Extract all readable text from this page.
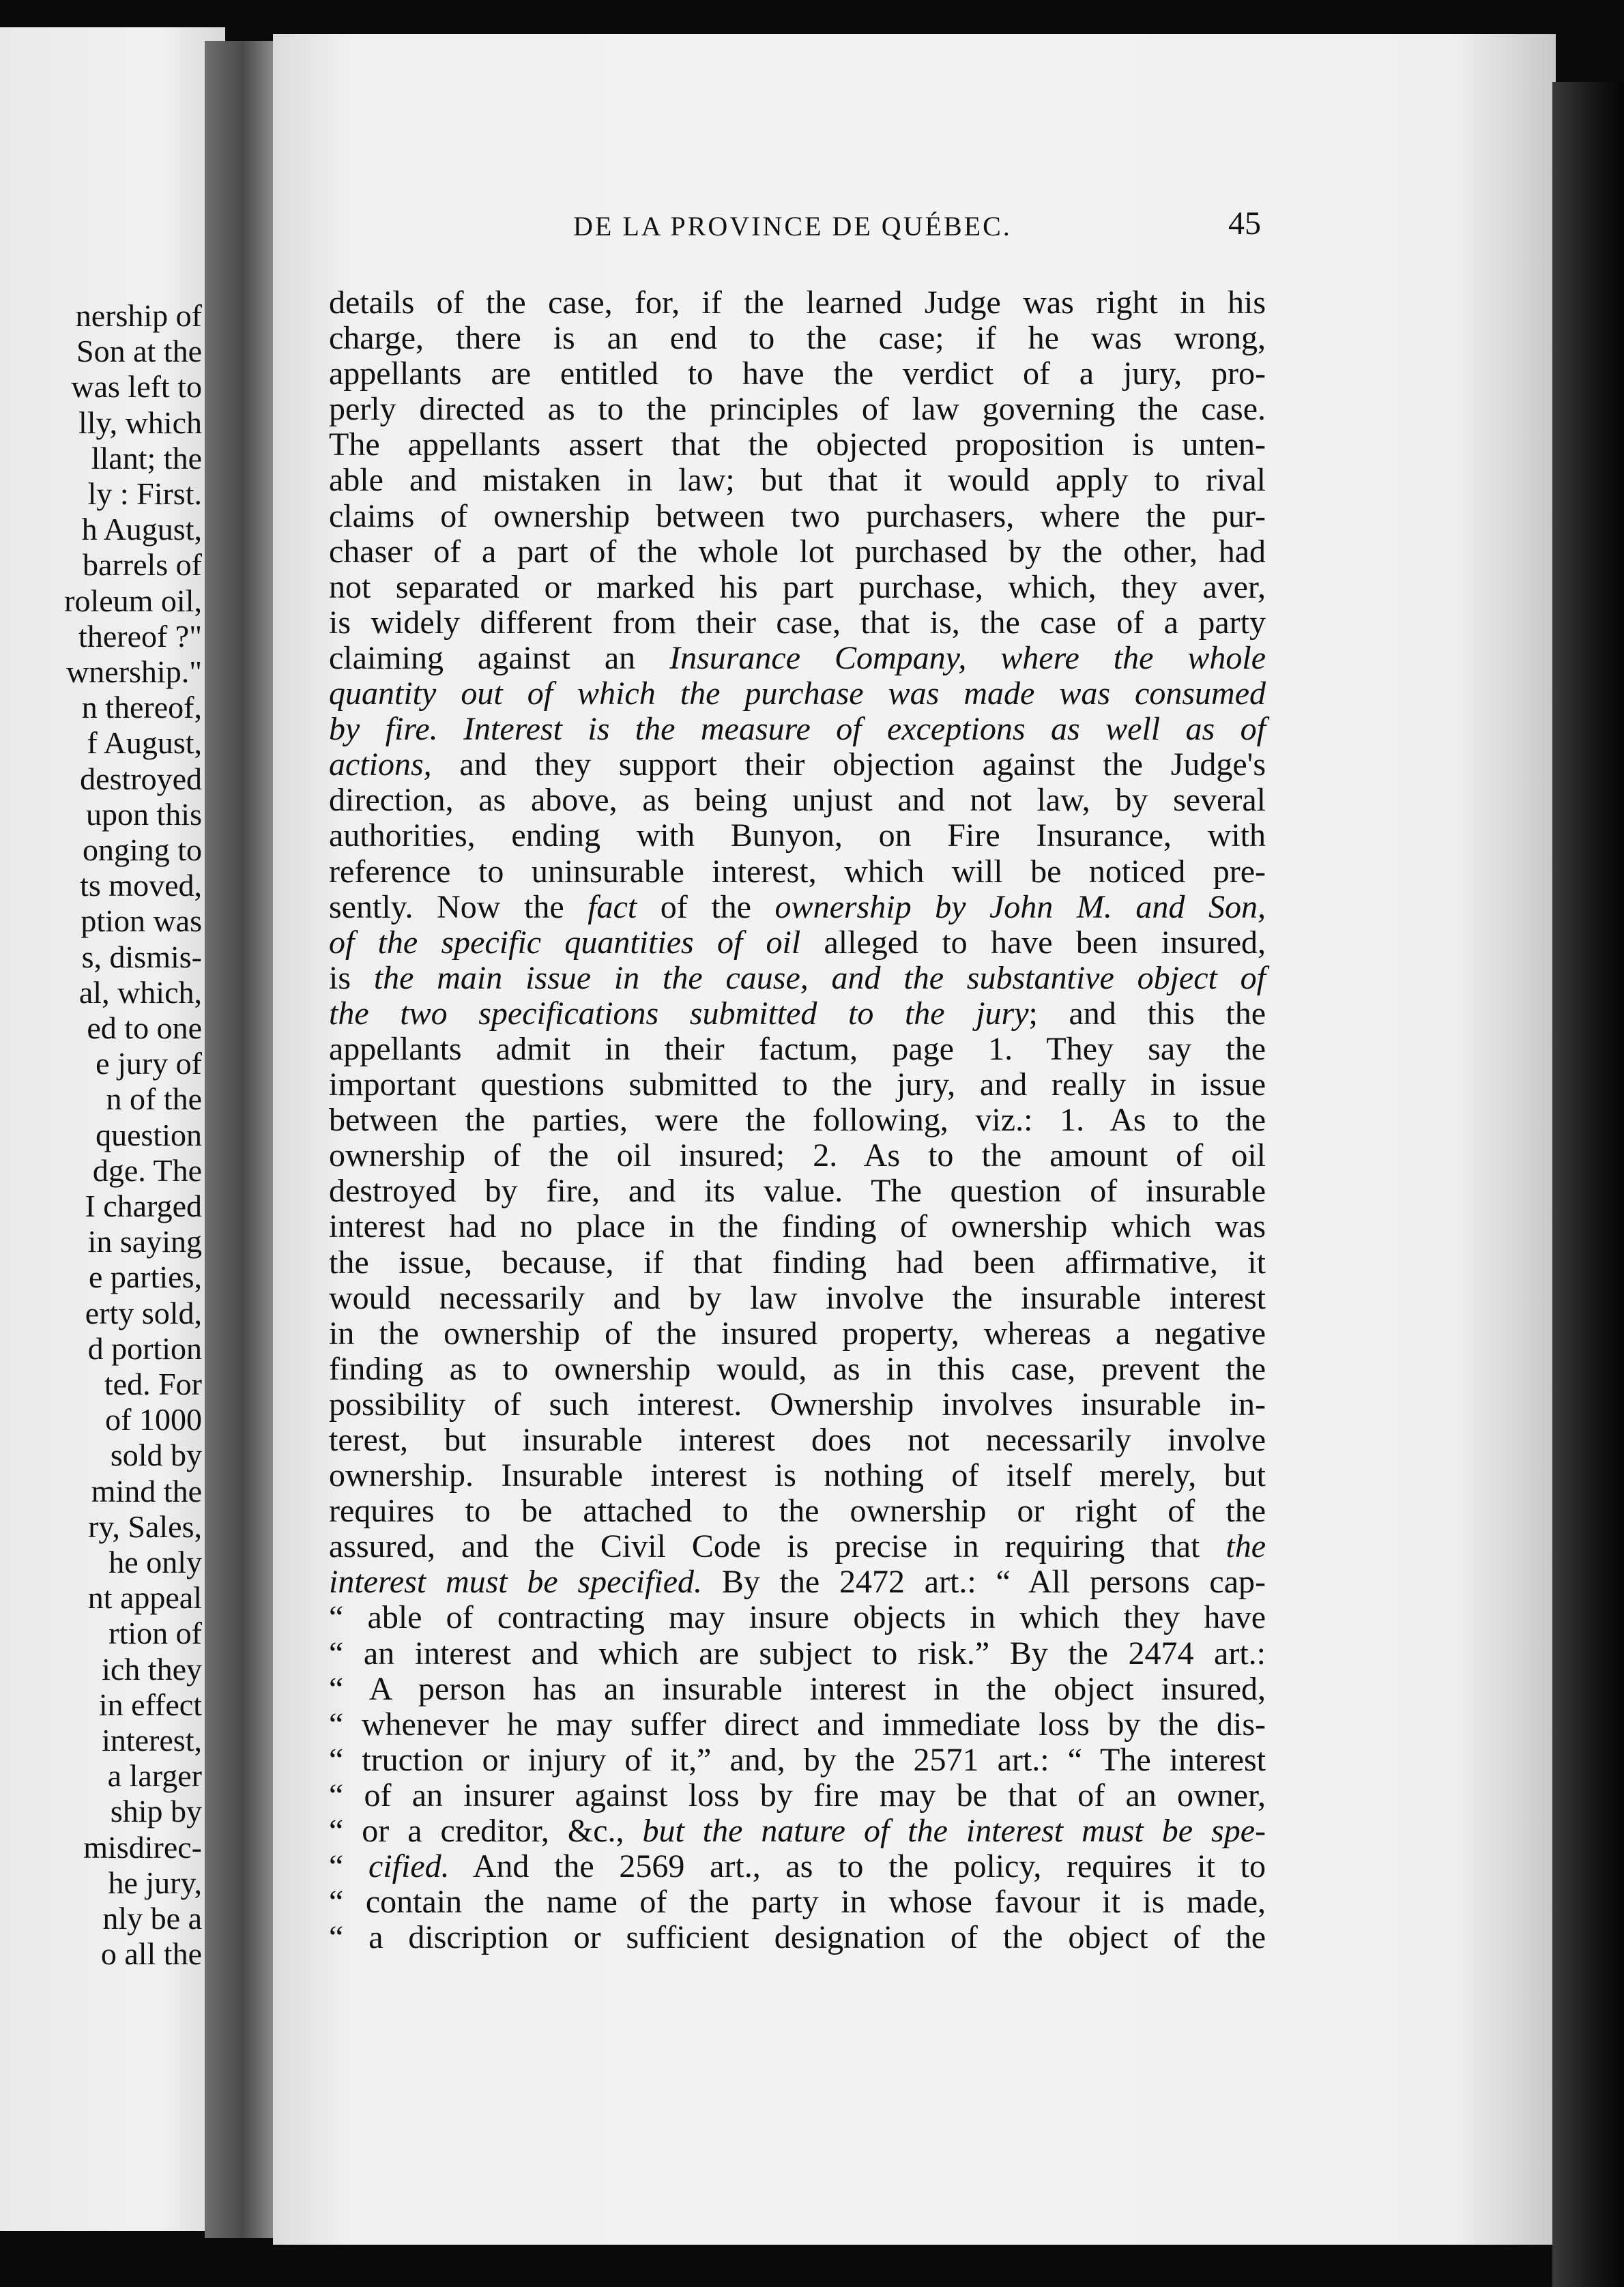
nership of
Son at the
was left to
lly, which
llant; the
ly : First.
h August,
barrels of
roleum oil,
thereof ?"
wnership."
n thereof,
f August,
destroyed
upon this
onging to
ts moved,
ption was
s, dismis-
al, which,
ed to one
e jury of
n of the
question
dge. The
I charged
in saying
e parties,
erty sold,
d portion
ted. For
of 1000
sold by
mind the
ry, Sales,
he only
nt appeal
rtion of
ich they
in effect
interest,
a larger
ship by
misdirec-
he jury,
nly be a
o all the
DE LA PROVINCE DE QUÉBEC.	45
details of the case, for, if the learned Judge was right in his
charge, there is an end to the case; if he was wrong,
appellants are entitled to have the verdict of a jury, pro-
perly directed as to the principles of law governing the case.
The appellants assert that the objected proposition is unten-
able and mistaken in law; but that it would apply to rival
claims of ownership between two purchasers, where the pur-
chaser of a part of the whole lot purchased by the other, had
not separated or marked his part purchase, which, they aver,
is widely different from their case, that is, the case of a party
claiming against an Insurance Company, where the whole
quantity out of which the purchase was made was consumed
by fire. Interest is the measure of exceptions as well as of
actions, and they support their objection against the Judge's
direction, as above, as being unjust and not law, by several
authorities, ending with Bunyon, on Fire Insurance, with
reference to uninsurable interest, which will be noticed pre-
sently. Now the fact of the ownership by John M. and Son,
of the specific quantities of oil alleged to have been insured,
is the main issue in the cause, and the substantive object of
the two specifications submitted to the jury; and this the
appellants admit in their factum, page 1. They say the
important questions submitted to the jury, and really in issue
between the parties, were the following, viz.: 1. As to the
ownership of the oil insured; 2. As to the amount of oil
destroyed by fire, and its value. The question of insurable
interest had no place in the finding of ownership which was
the issue, because, if that finding had been affirmative, it
would necessarily and by law involve the insurable interest
in the ownership of the insured property, whereas a negative
finding as to ownership would, as in this case, prevent the
possibility of such interest. Ownership involves insurable in-
terest, but insurable interest does not necessarily involve
ownership. Insurable interest is nothing of itself merely, but
requires to be attached to the ownership or right of the
assured, and the Civil Code is precise in requiring that the
interest must be specified. By the 2472 art.: “ All persons cap-
“ able of contracting may insure objects in which they have
“ an interest and which are subject to risk.” By the 2474 art.:
“ A person has an insurable interest in the object insured,
“ whenever he may suffer direct and immediate loss by the dis-
“ truction or injury of it,” and, by the 2571 art.: “ The interest
“ of an insurer against loss by fire may be that of an owner,
“ or a creditor, &c., but the nature of the interest must be spe-
“ cified. And the 2569 art., as to the policy, requires it to
“ contain the name of the party in whose favour it is made,
“ a discription or sufficient designation of the object of the
